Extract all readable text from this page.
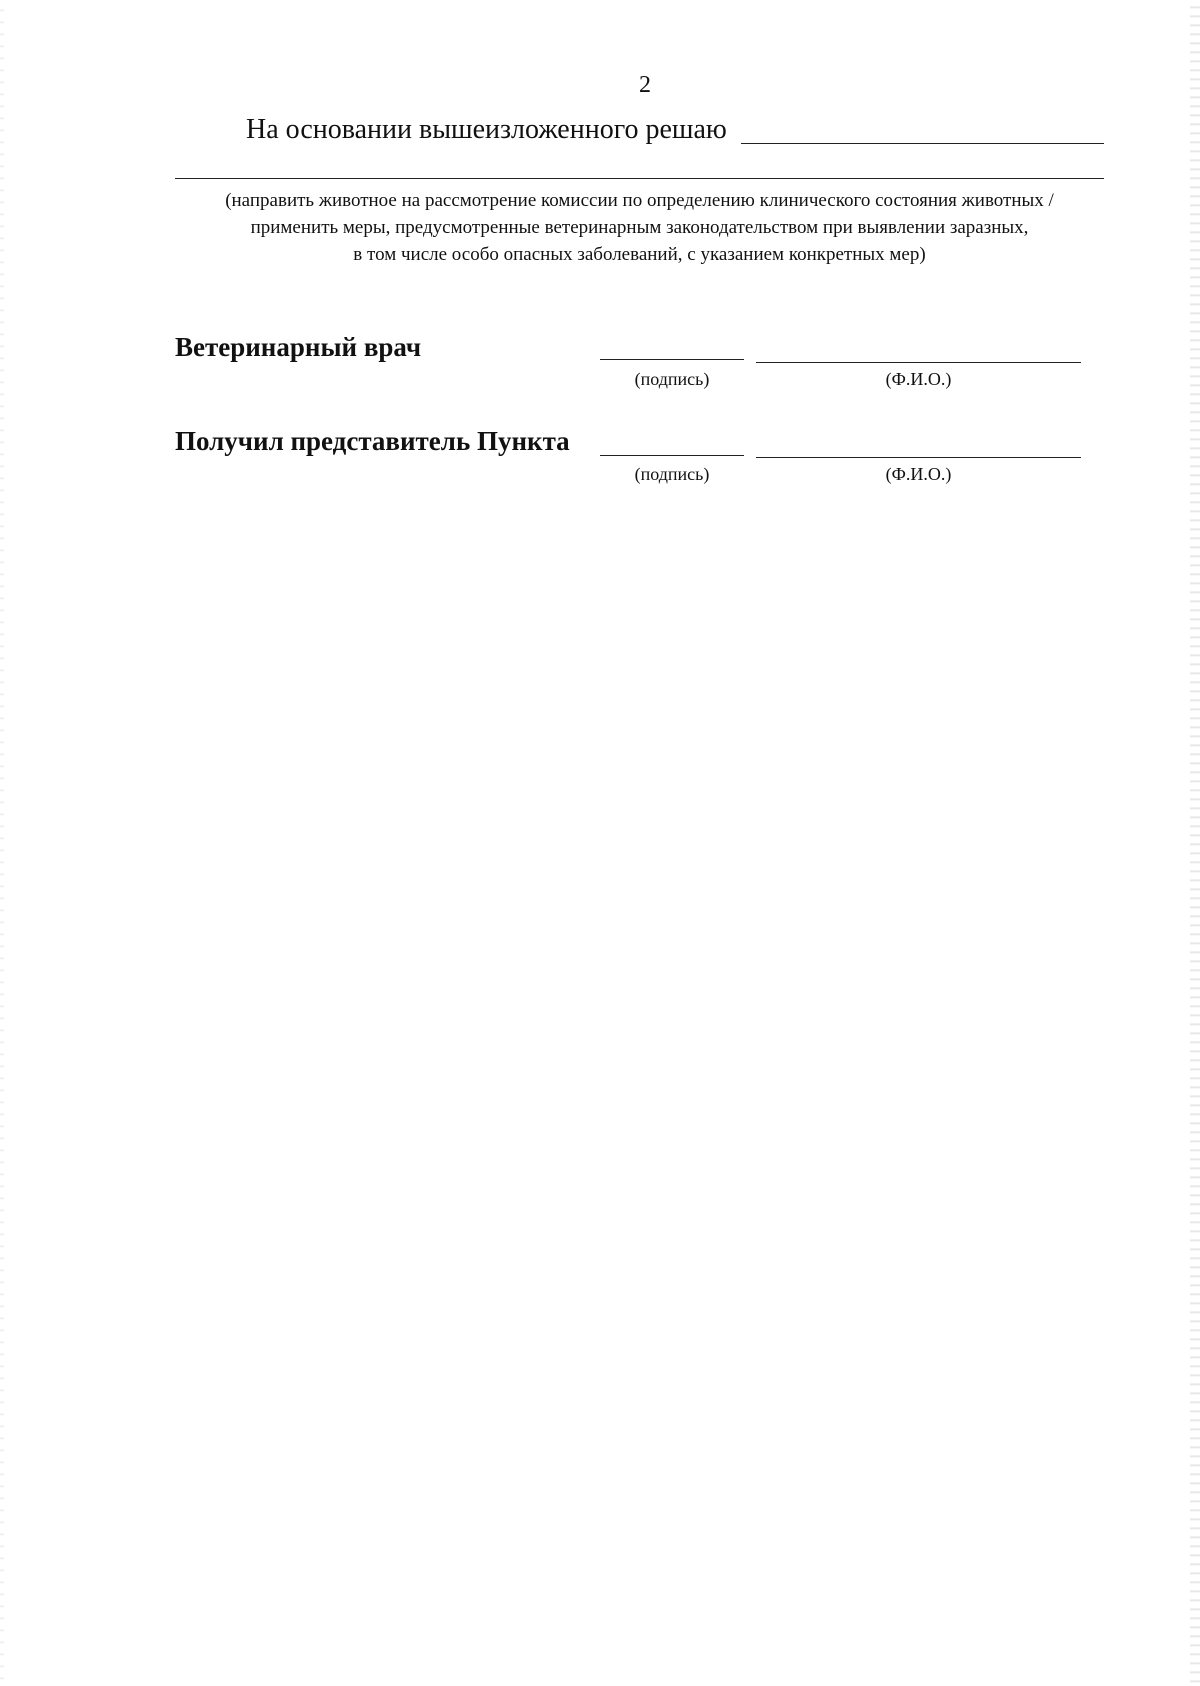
2
На основании вышеизложенного решаю
(направить животное на рассмотрение комиссии по определению клинического состояния животных /
применить меры, предусмотренные ветеринарным законодательством при выявлении заразных,
в том числе особо опасных заболеваний, с указанием конкретных мер)
Ветеринарный врач
(подпись)	(Ф.И.О.)
Получил представитель Пункта
(подпись)	(Ф.И.О.)
